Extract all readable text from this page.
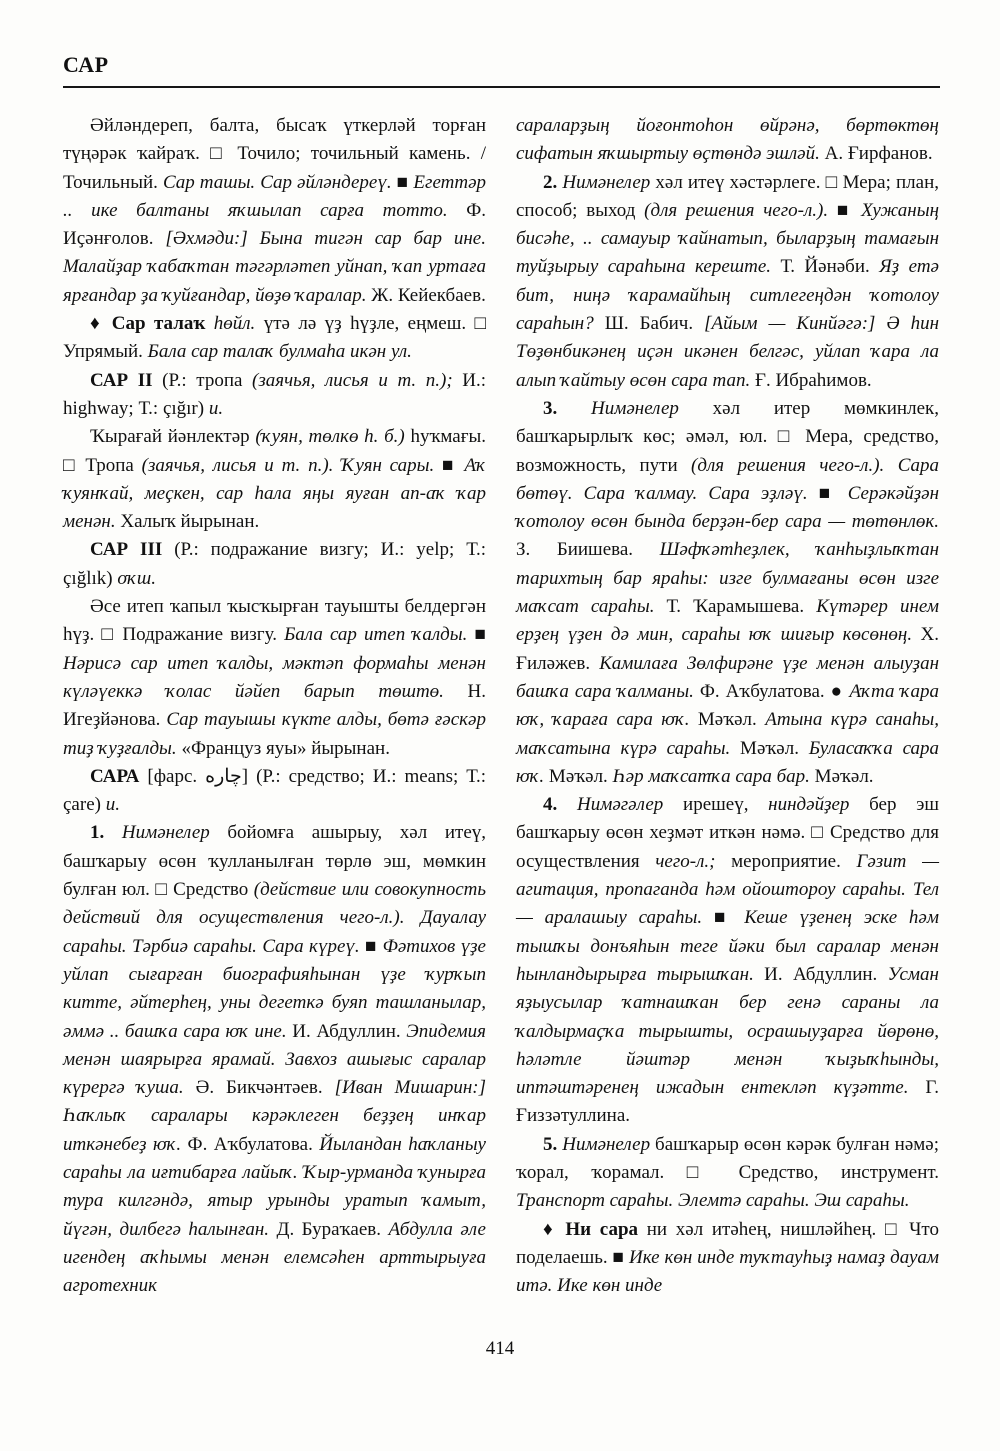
САР

Әйләндереп, балта, бысаҡ үткерләй торған түңәрәк ҡайраҡ. □ Точило; точильный камень. / Точильный. Сар ташы. Сар әйләндереү. ■ Егеттәр .. ике балтаны яҡшылап сарға тотто. Ф. Иҫәнғолов. [Әхмәди:] Бына тигән сар бар ине. Малайҙар ҡабаҡтан тәгәрләтеп уйнап, ҡап уртаға ярғандар ҙа ҡуйғандар, йөҙө ҡаралар. Ж. Кейекбаев.

♦ Сар талаҡ һөйл. үтә лә үҙ һүҙле, еңмеш. □ Упрямый. Бала сар талаҡ булмаһа икән ул.

САР II (Р.: тропа (заячья, лисья и т. п.); И.: highway; Т.: çığır) и.

Ҡырағай йәнлектәр (ҡуян, төлкө һ. б.) һуҡмағы. □ Тропа (заячья, лисья и т. п.). Ҡуян сары. ■ Аҡ ҡуянҡай, меҫкен, сар һала яңы яуған ап-аҡ ҡар менән. Халыҡ йырынан.

САР III (Р.: подражание визгу; И.: yelp; Т.: çığlık) оҡш.

Әсе итеп ҡапыл ҡысҡырған тауышты белдергән һүҙ. □ Подражание визгу. Бала сар итеп ҡалды. ■ Нәрисә сар итеп ҡалды, мәктәп формаһы менән күләүеккә ҡолас йәйеп барып төштө. Н. Игеҙйәнова. Сар тауышы күкте алды, бөтә ғәскәр тиҙ ҡуҙғалды. «Француз яуы» йырынан.

САРА [фарс. چاره] (Р.: средство; И.: means; Т.: çare) и.

1. Нимәнелер бойомға ашырыу, хәл итеү, башҡарыу өсөн ҡулланылған төрлө эш, мөмкин булған юл. □ Средство (действие или совокупность действий для осуществления чего-л.). Дауалау сараһы. Тәрбиә сараһы. Сара күреү. ■ Фәтихов үҙе уйлап сығарған биографияһынан үҙе ҡурҡып китте, әйтерһең, уны дегеткә буяп ташланылар, әммә .. башҡа сара юҡ ине. И. Абдуллин. Эпидемия менән шаярырға ярамай. Завхоз ашығыс саралар күрергә ҡуша. Ә. Бикчәнтәев. [Иван Мишарин:] Һаҡлыҡ саралары кәрәклеген беҙҙең инҡар иткәнебеҙ юҡ. Ф. Аҡбулатова. Йыландан һаҡланыу сараһы ла иғтибарға лайыҡ. Ҡыр-урманда ҡунырға тура килгәндә, ятыр урынды уратып ҡамыт, йүгән, дилбегә һалынған. Д. Бураҡаев. Абдулла әле игендең аҡһымы менән елемсәһен арттырыуға агротехник

сараларҙың йоғонтоһон өйрәнә, бөртөктөң сифатын яҡшыртыу өҫтөндә эшләй. А. Ғирфанов.

2. Нимәнелер хәл итеү хәстәрлеге. □ Мера; план, способ; выход (для решения чего-л.). ■ Хужаның бисәһе, .. самауыр ҡайнатып, быларҙың тамағын туйҙырыу сараһына кереште. Т. Йәнәби. Яҙ етә бит, ниңә ҡарамайһың ситлегеңдән ҡотолоу сараһын? Ш. Бабич. [Айым — Кинйәгә:] Ә һин Төҙөнбикәнең иҫән икәнен белгәс, уйлап ҡара ла алып ҡайтыу өсөн сара тап. Ғ. Ибраһимов.

3. Нимәнелер хәл итер мөмкинлек, башҡарырлыҡ көс; әмәл, юл. □ Мера, средство, возможность, пути (для решения чего-л.). Сара бөтөү. Сара ҡалмау. Сара эҙләү. ■ Серәкәйҙән ҡотолоу өсөн бында берҙән-бер сара — төтөнлөк. З. Биишева. Шәфҡәтһеҙлек, ҡанһыҙлыҡтан тарихтың бар яраһы: изге булмағаны өсөн изге маҡсат сараһы. Т. Ҡарамышева. Күтәрер инем ерҙең үҙен дә мин, сараһы юҡ шиғыр көсөнөң. Х. Ғиләжев. Камилаға Зөлфирәне үҙе менән алыуҙан башҡа сара ҡалманы. Ф. Аҡбулатова. ● Аҡта ҡара юҡ, ҡараға сара юҡ. Мәҡәл. Атына күрә санаһы, маҡсатына күрә сараһы. Мәҡәл. Буласаҡҡа сара юҡ. Мәҡәл. Һәр маҡсатҡа сара бар. Мәҡәл.

4. Нимәгәлер ирешеү, ниндәйҙер бер эш башҡарыу өсөн хеҙмәт иткән нәмә. □ Средство для осуществления чего-л.; мероприятие. Гәзит — агитация, пропаганда һәм ойоштороу сараһы. Тел — аралашыу сараһы. ■ Кеше үҙенең эске һәм тышҡы донъяһын теге йәки был саралар менән һынландырырға тырышҡан. И. Абдуллин. Усман яҙыусылар ҡатнашҡан бер генә сараны ла ҡалдырмаҫҡа тырышты, осрашыуҙарға йөрөнө, һәләтле йәштәр менән ҡыҙыҡһынды, иптәштәренең ижадын ентекләп күҙәтте. Г. Ғиззәтуллина.

5. Нимәнелер башҡарыр өсөн кәрәк булған нәмә; ҡорал, ҡорамал. □ Средство, инструмент. Транспорт сараһы. Элемтә сараһы. Эш сараһы.

♦ Ни сара ни хәл итәһең, нишләйһең. □ Что поделаешь. ■ Ике көн инде туҡтауһыҙ намаҙ дауам итә. Ике көн инде

414
